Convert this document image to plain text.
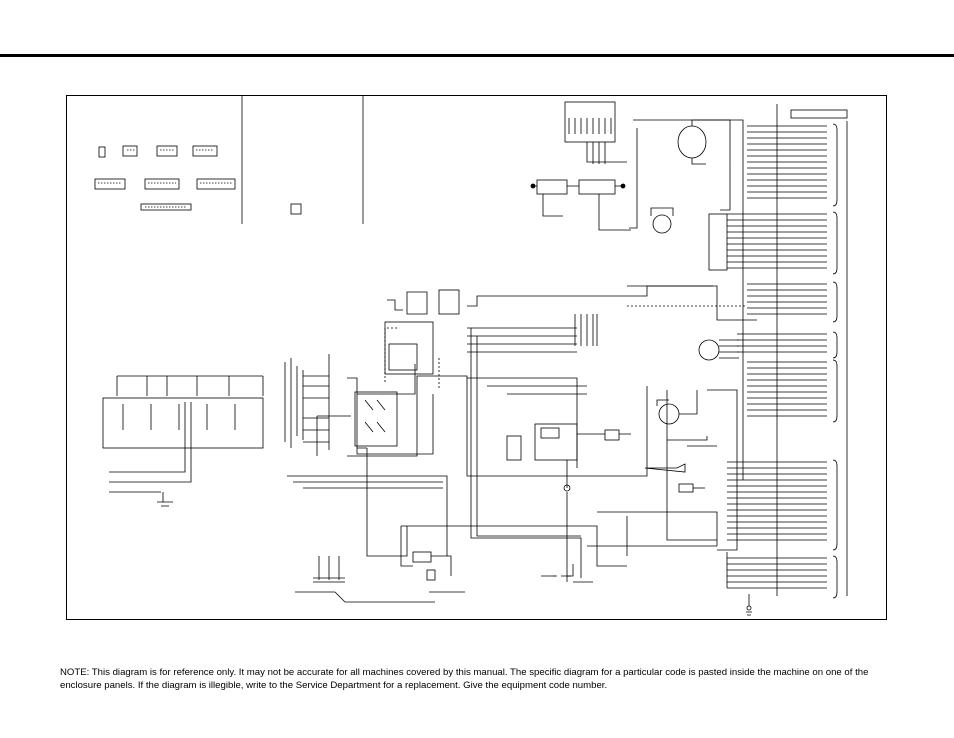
NOTE: This diagram is for reference only. It may not be accurate for all machines covered by this manual. The specific diagram for a particular code is pasted inside the machine on one of the enclosure panels. If the diagram is illegible, write to the Service Department for a replacement. Give the equipment code number.
